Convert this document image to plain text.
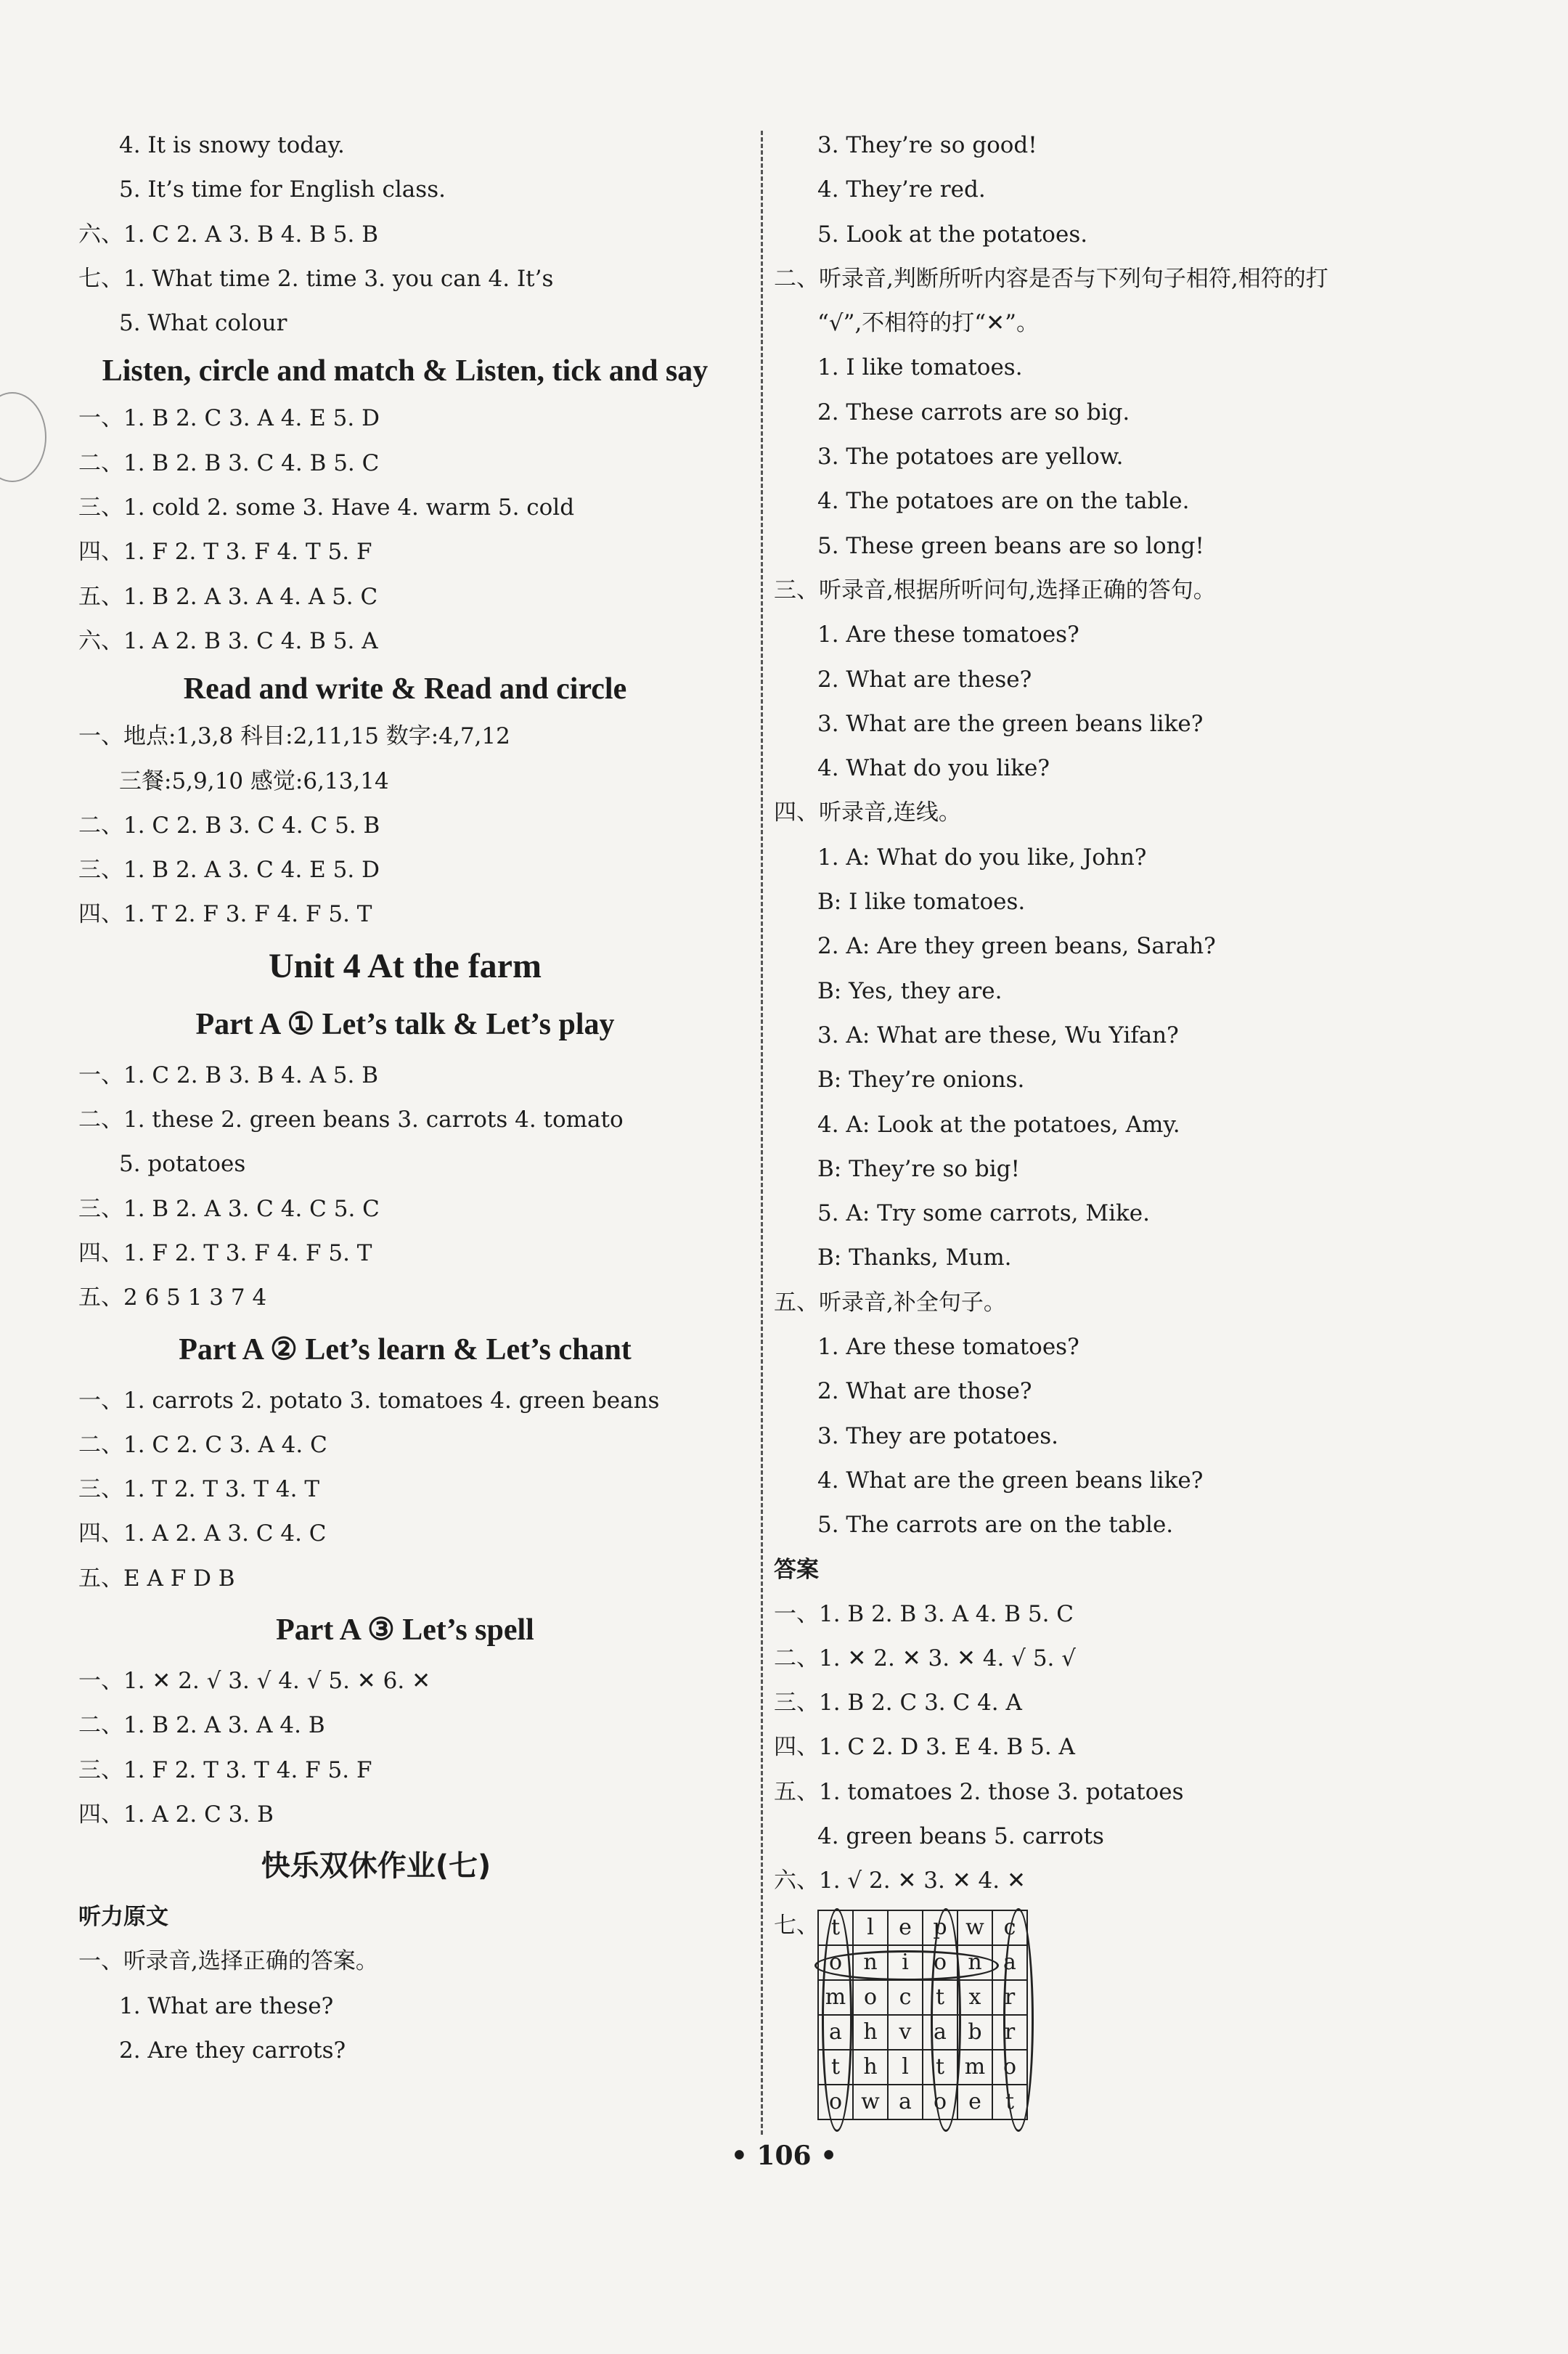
4. It is snowy today.
5. It’s time for English class.
六、1. C 2. A 3. B 4. B 5. B
七、1. What time 2. time 3. you can 4. It’s
5. What colour
Listen, circle and match & Listen, tick and say
一、1. B 2. C 3. A 4. E 5. D
二、1. B 2. B 3. C 4. B 5. C
三、1. cold 2. some 3. Have 4. warm 5. cold
四、1. F 2. T 3. F 4. T 5. F
五、1. B 2. A 3. A 4. A 5. C
六、1. A 2. B 3. C 4. B 5. A
Read and write & Read and circle
一、地点:1,3,8 科目:2,11,15 数字:4,7,12
三餐:5,9,10 感觉:6,13,14
二、1. C 2. B 3. C 4. C 5. B
三、1. B 2. A 3. C 4. E 5. D
四、1. T 2. F 3. F 4. F 5. T
Unit 4 At the farm
Part A ① Let’s talk & Let’s play
一、1. C 2. B 3. B 4. A 5. B
二、1. these 2. green beans 3. carrots 4. tomato
5. potatoes
三、1. B 2. A 3. C 4. C 5. C
四、1. F 2. T 3. F 4. F 5. T
五、2 6 5 1 3 7 4
Part A ② Let’s learn & Let’s chant
一、1. carrots 2. potato 3. tomatoes 4. green beans
二、1. C 2. C 3. A 4. C
三、1. T 2. T 3. T 4. T
四、1. A 2. A 3. C 4. C
五、E A F D B
Part A ③ Let’s spell
一、1. ✕ 2. √ 3. √ 4. √ 5. ✕ 6. ✕
二、1. B 2. A 3. A 4. B
三、1. F 2. T 3. T 4. F 5. F
四、1. A 2. C 3. B
快乐双休作业(七)
听力原文
一、听录音,选择正确的答案。
1. What are these?
2. Are they carrots?
3. They’re so good!
4. They’re red.
5. Look at the potatoes.
二、听录音,判断所听内容是否与下列句子相符,相符的打
“√”,不相符的打“✕”。
1. I like tomatoes.
2. These carrots are so big.
3. The potatoes are yellow.
4. The potatoes are on the table.
5. These green beans are so long!
三、听录音,根据所听问句,选择正确的答句。
1. Are these tomatoes?
2. What are these?
3. What are the green beans like?
4. What do you like?
四、听录音,连线。
1. A: What do you like, John?
B: I like tomatoes.
2. A: Are they green beans, Sarah?
B: Yes, they are.
3. A: What are these, Wu Yifan?
B: They’re onions.
4. A: Look at the potatoes, Amy.
B: They’re so big!
5. A: Try some carrots, Mike.
B: Thanks, Mum.
五、听录音,补全句子。
1. Are these tomatoes?
2. What are those?
3. They are potatoes.
4. What are the green beans like?
5. The carrots are on the table.
答案
一、1. B 2. B 3. A 4. B 5. C
二、1. ✕ 2. ✕ 3. ✕ 4. √ 5. √
三、1. B 2. C 3. C 4. A
四、1. C 2. D 3. E 4. B 5. A
五、1. tomatoes 2. those 3. potatoes
4. green beans 5. carrots
六、1. √ 2. ✕ 3. ✕ 4. ✕
七、 t	l	e	p	w	c
o	n	i	o	n	a
m	o	c	t	x	r
a	h	v	a	b	r
t	h	l	t	m	o
o	w	a	o	e	t
• 106 •
